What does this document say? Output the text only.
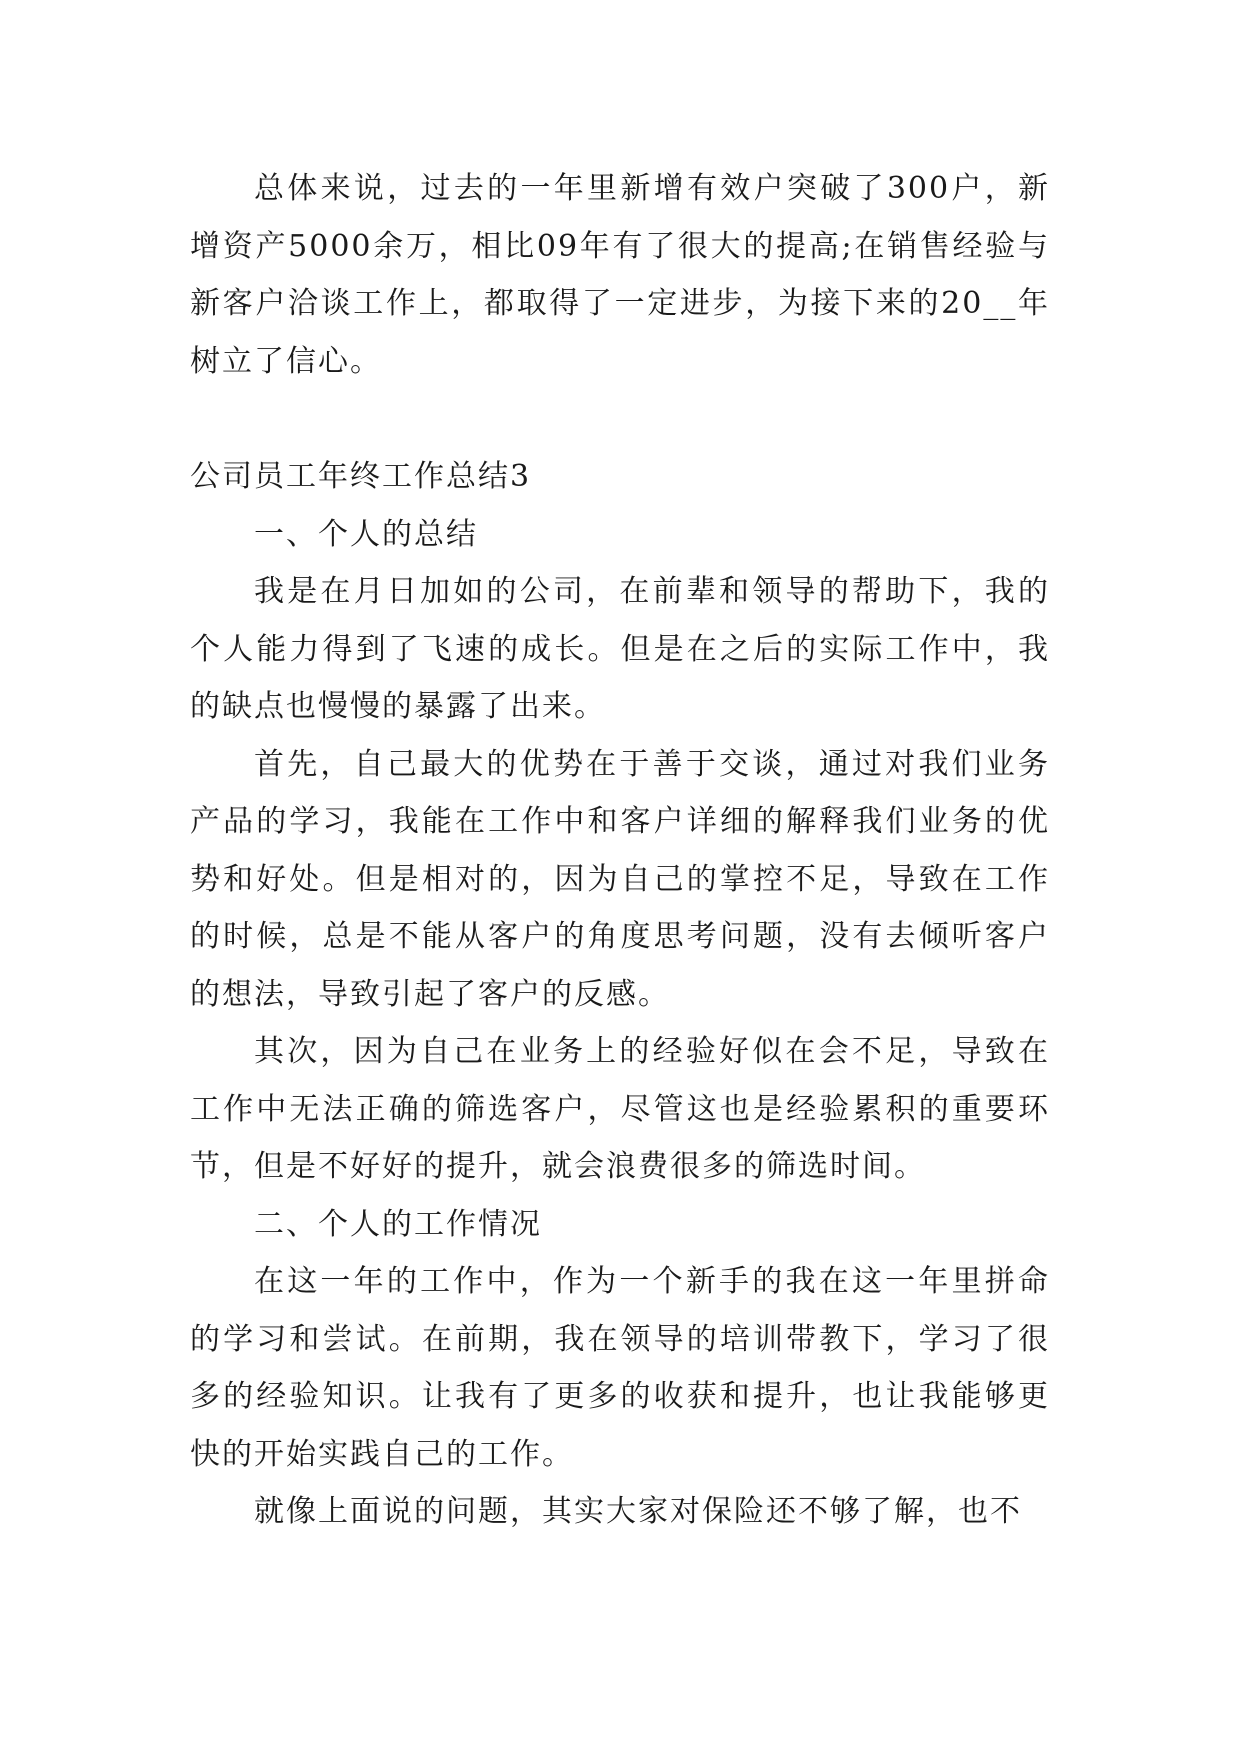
总体来说，过去的一年里新增有效户突破了300户，新增资产5000余万，相比09年有了很大的提高;在销售经验与新客户洽谈工作上，都取得了一定进步，为接下来的20__年树立了信心。

公司员工年终工作总结3

一、个人的总结

我是在月日加如的公司，在前辈和领导的帮助下，我的个人能力得到了飞速的成长。但是在之后的实际工作中，我的缺点也慢慢的暴露了出来。

首先，自己最大的优势在于善于交谈，通过对我们业务产品的学习，我能在工作中和客户详细的解释我们业务的优势和好处。但是相对的，因为自己的掌控不足，导致在工作的时候，总是不能从客户的角度思考问题，没有去倾听客户的想法，导致引起了客户的反感。

其次，因为自己在业务上的经验好似在会不足，导致在工作中无法正确的筛选客户，尽管这也是经验累积的重要环节，但是不好好的提升，就会浪费很多的筛选时间。

二、个人的工作情况

在这一年的工作中，作为一个新手的我在这一年里拼命的学习和尝试。在前期，我在领导的培训带教下，学习了很多的经验知识。让我有了更多的收获和提升，也让我能够更快的开始实践自己的工作。

就像上面说的问题，其实大家对保险还不够了解，也不
